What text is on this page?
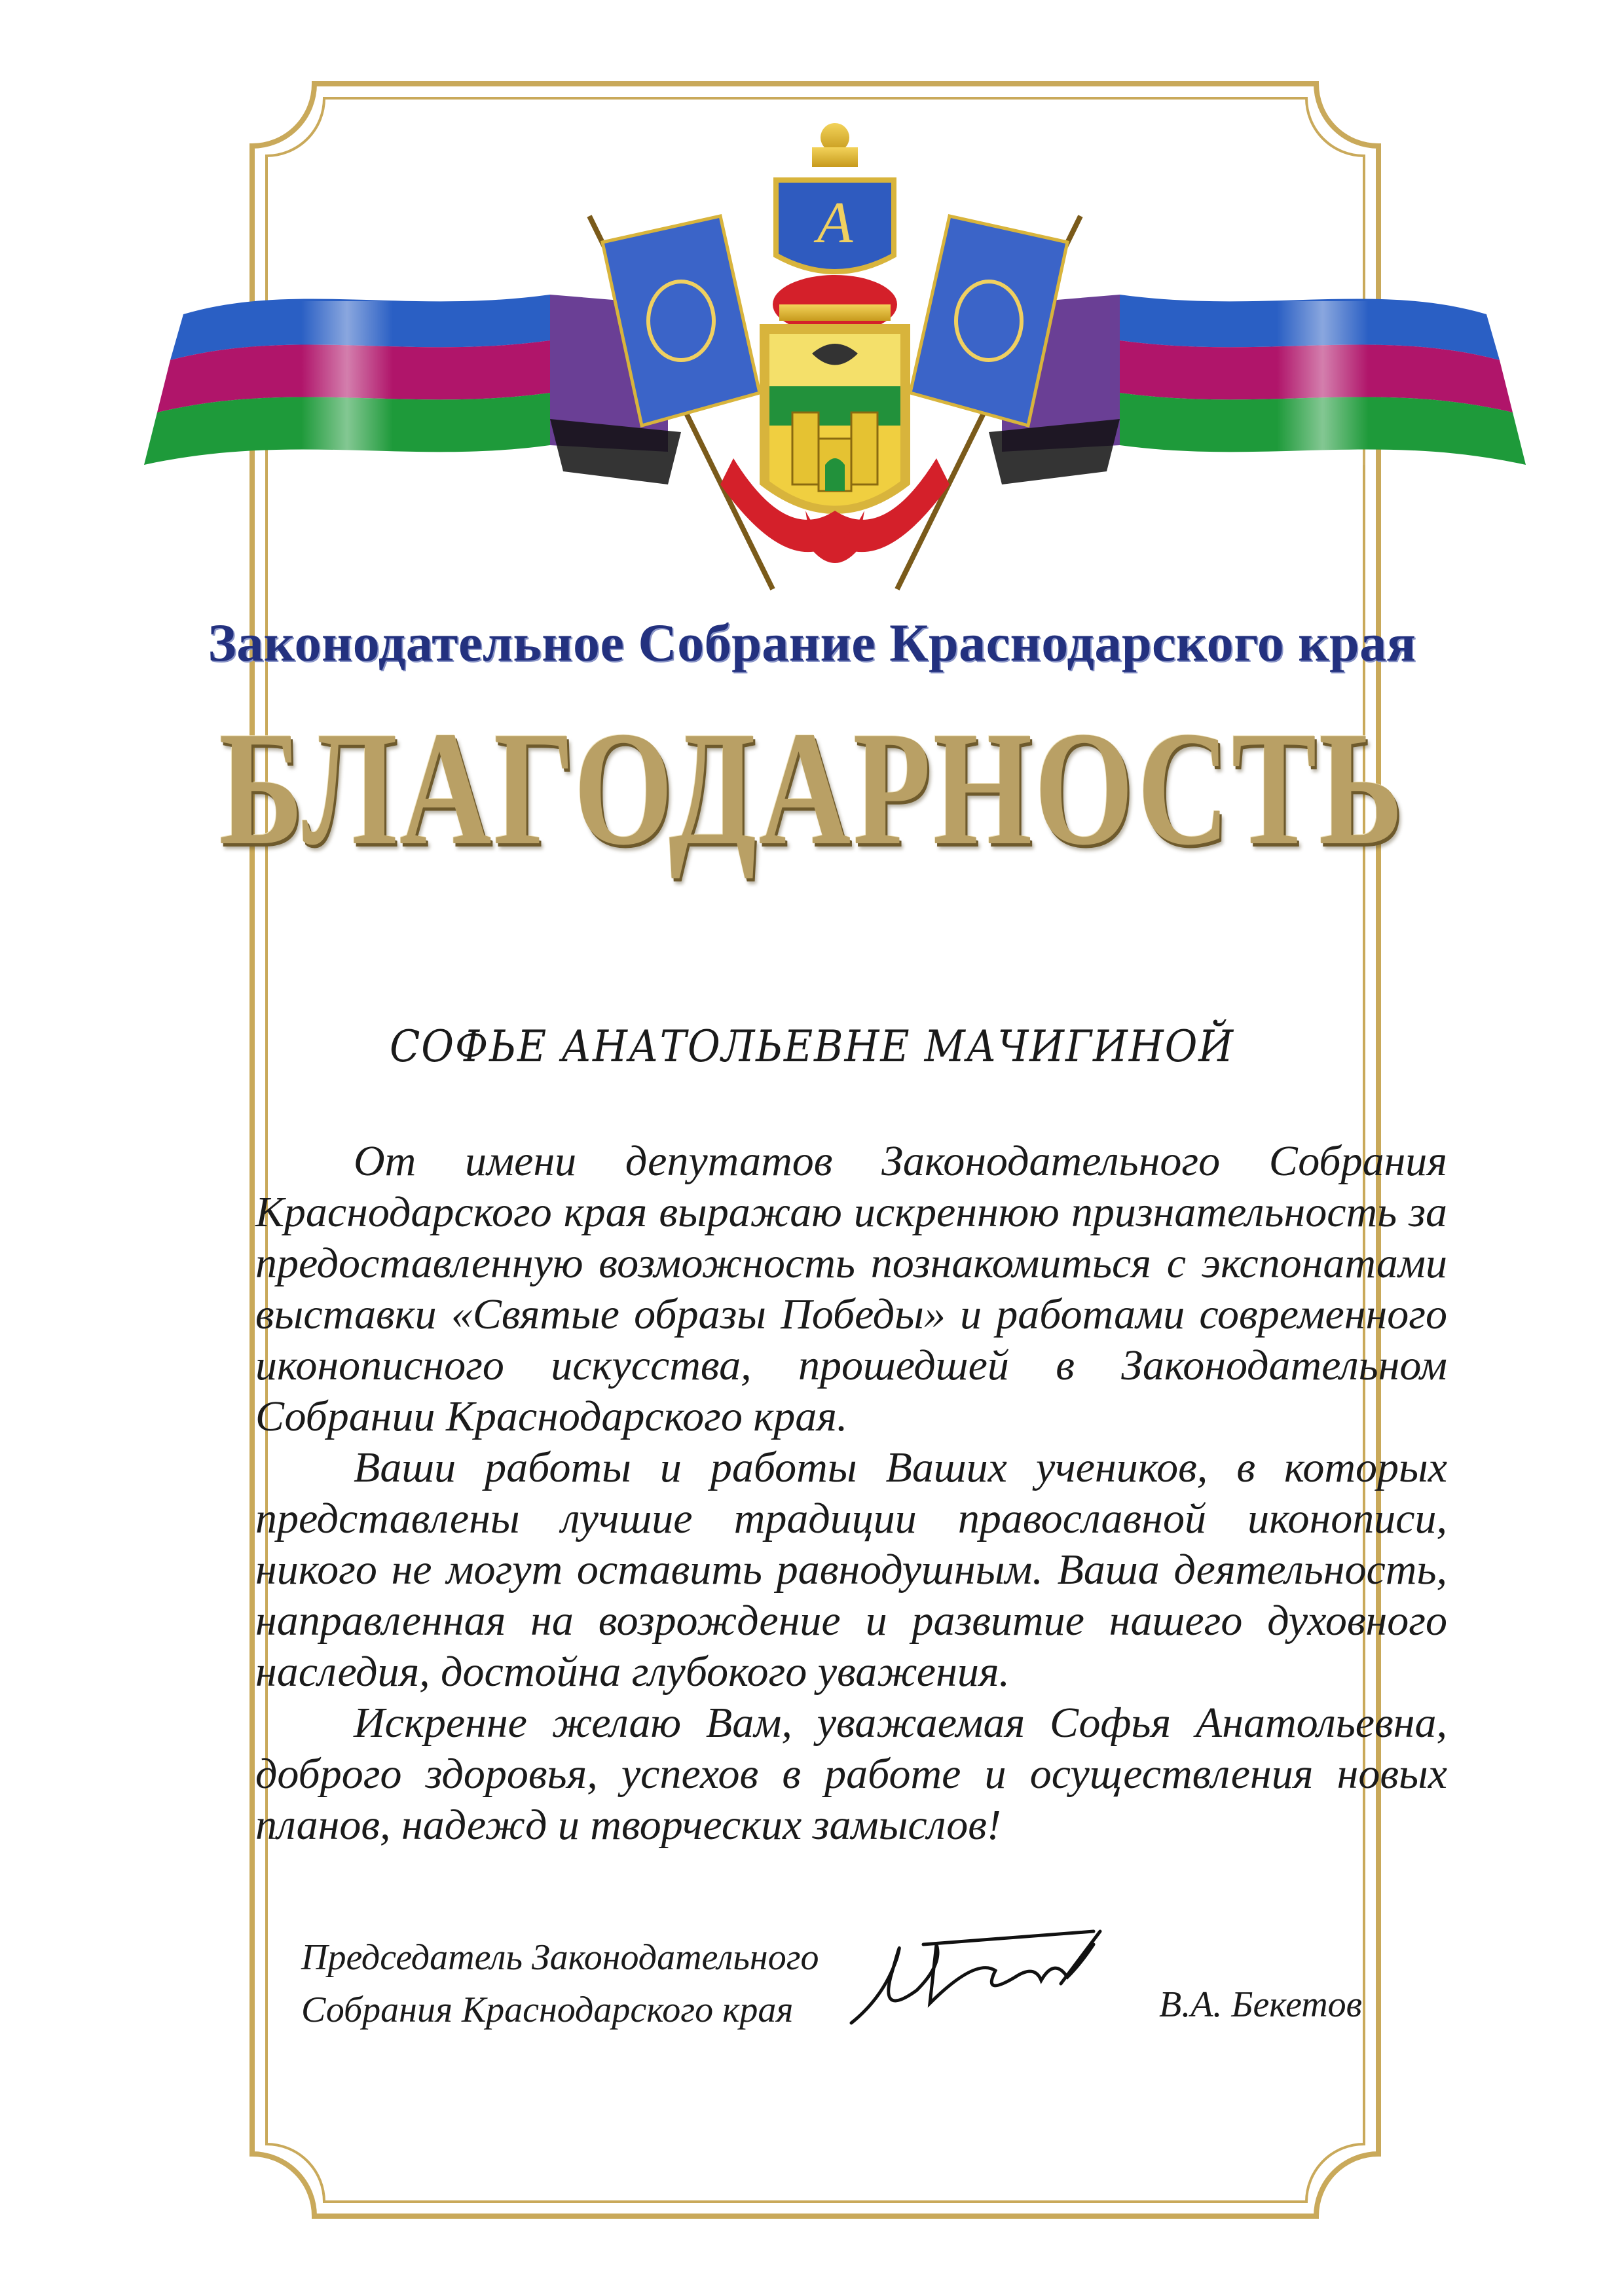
A
Законодательное Собрание Краснодарского края
БЛАГОДАРНОСТЬ
СОФЬЕ АНАТОЛЬЕВНЕ МАЧИГИНОЙ

От имени депутатов Законодательного Собрания Краснодарского края выражаю искреннюю признательность за предоставленную возможность познакомиться с экспонатами выставки «Святые образы Победы» и работами современного иконописного искусства, прошедшей в Законодательном Собрании Краснодарского края.

Ваши работы и работы Ваших учеников, в которых представлены лучшие традиции православной иконописи, никого не могут оставить равнодушным. Ваша деятельность, направленная на возрождение и развитие нашего духовного наследия, достойна глубокого уважения.

Искренне желаю Вам, уважаемая Софья Анатольевна, доброго здоровья, успехов в работе и осуществления новых планов, надежд и творческих замыслов!

Председатель Законодательного
Собрания Краснодарского края	В.А. Бекетов
